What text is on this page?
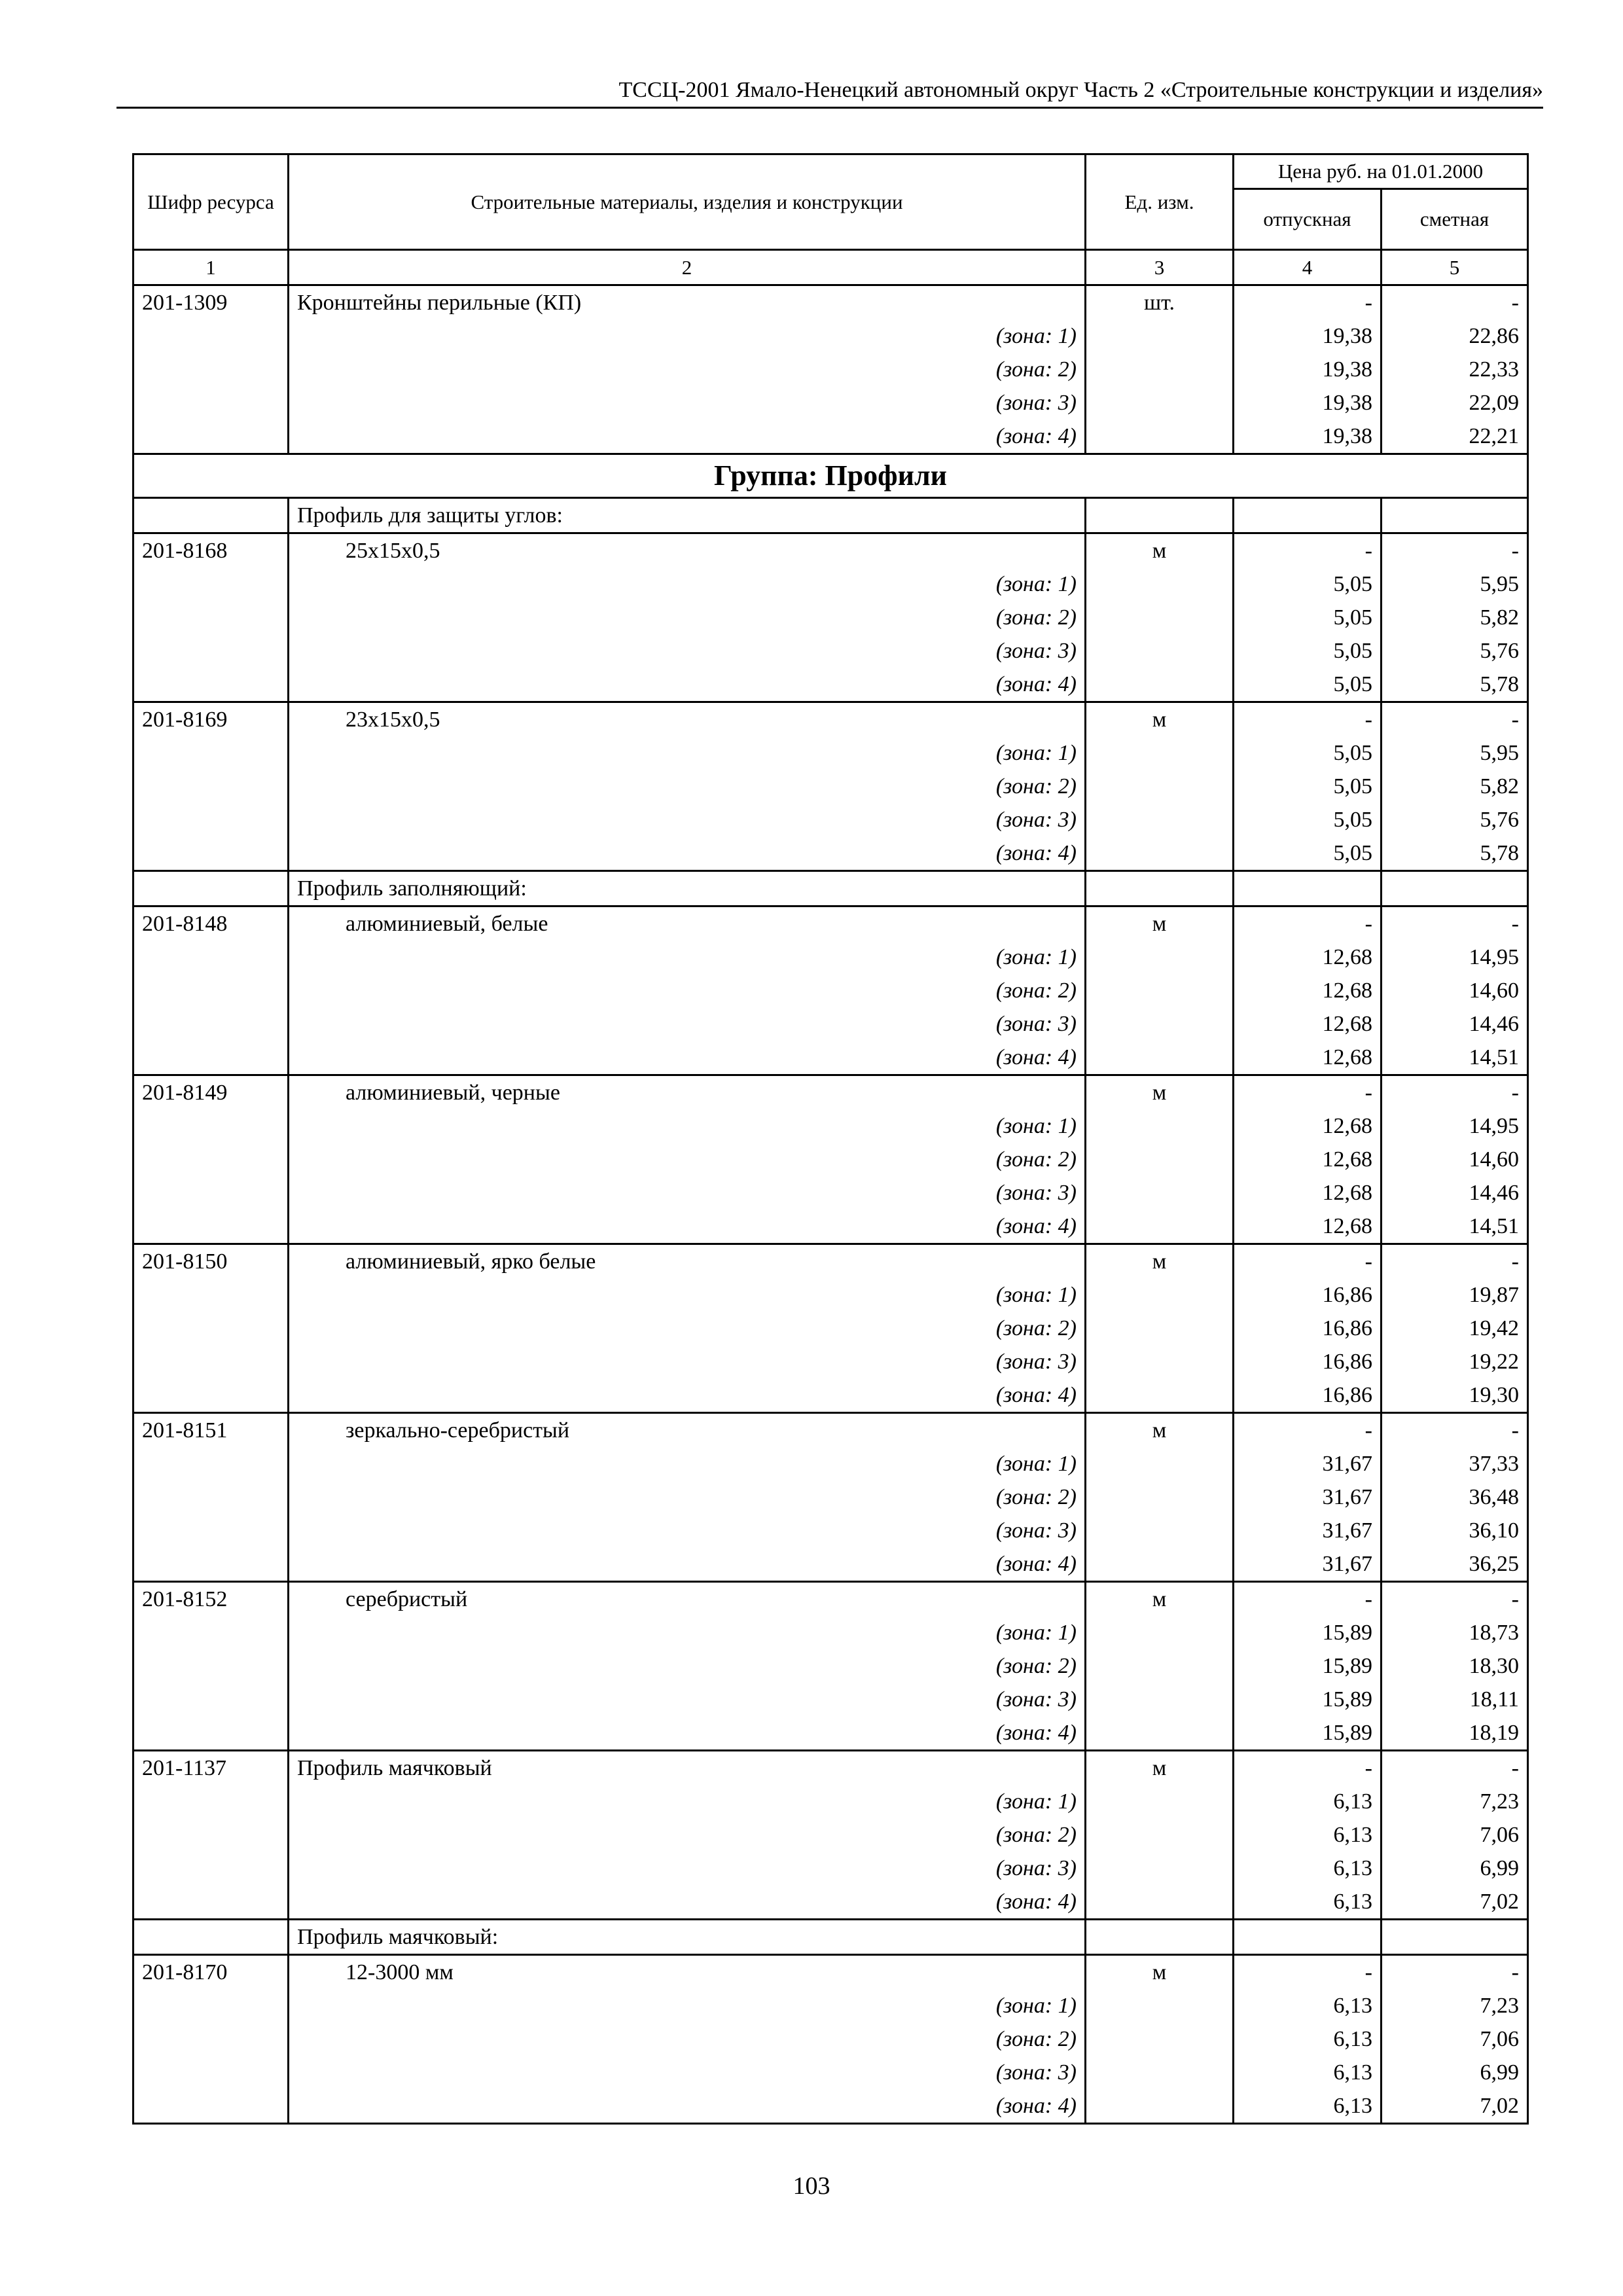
ТССЦ-2001 Ямало-Ненецкий автономный округ Часть 2 «Строительные конструкции и изделия»
Шифр ресурса	Строительные материалы, изделия и конструкции	Ед. изм.	Цена руб. на 01.01.2000	
			отпускная	сметная
1	2	3	4	5
201-1309	Кронштейны перильные (КП)	шт.	-	-
	(зона: 1)		19,38	22,86
	(зона: 2)		19,38	22,33
	(зона: 3)		19,38	22,09
	(зона: 4)		19,38	22,21
Группа: Профили				
	Профиль для защиты углов:			
201-8168	25х15х0,5	м	-	-
	(зона: 1)		5,05	5,95
	(зона: 2)		5,05	5,82
	(зона: 3)		5,05	5,76
	(зона: 4)		5,05	5,78
201-8169	23х15х0,5	м	-	-
	(зона: 1)		5,05	5,95
	(зона: 2)		5,05	5,82
	(зона: 3)		5,05	5,76
	(зона: 4)		5,05	5,78
	Профиль заполняющий:			
201-8148	алюминиевый, белые	м	-	-
	(зона: 1)		12,68	14,95
	(зона: 2)		12,68	14,60
	(зона: 3)		12,68	14,46
	(зона: 4)		12,68	14,51
201-8149	алюминиевый, черные	м	-	-
	(зона: 1)		12,68	14,95
	(зона: 2)		12,68	14,60
	(зона: 3)		12,68	14,46
	(зона: 4)		12,68	14,51
201-8150	алюминиевый, ярко белые	м	-	-
	(зона: 1)		16,86	19,87
	(зона: 2)		16,86	19,42
	(зона: 3)		16,86	19,22
	(зона: 4)		16,86	19,30
201-8151	зеркально-серебристый	м	-	-
	(зона: 1)		31,67	37,33
	(зона: 2)		31,67	36,48
	(зона: 3)		31,67	36,10
	(зона: 4)		31,67	36,25
201-8152	серебристый	м	-	-
	(зона: 1)		15,89	18,73
	(зона: 2)		15,89	18,30
	(зона: 3)		15,89	18,11
	(зона: 4)		15,89	18,19
201-1137	Профиль маячковый	м	-	-
	(зона: 1)		6,13	7,23
	(зона: 2)		6,13	7,06
	(зона: 3)		6,13	6,99
	(зона: 4)		6,13	7,02
	Профиль маячковый:			
201-8170	12-3000 мм	м	-	-
	(зона: 1)		6,13	7,23
	(зона: 2)		6,13	7,06
	(зона: 3)		6,13	6,99
	(зона: 4)		6,13	7,02
103
